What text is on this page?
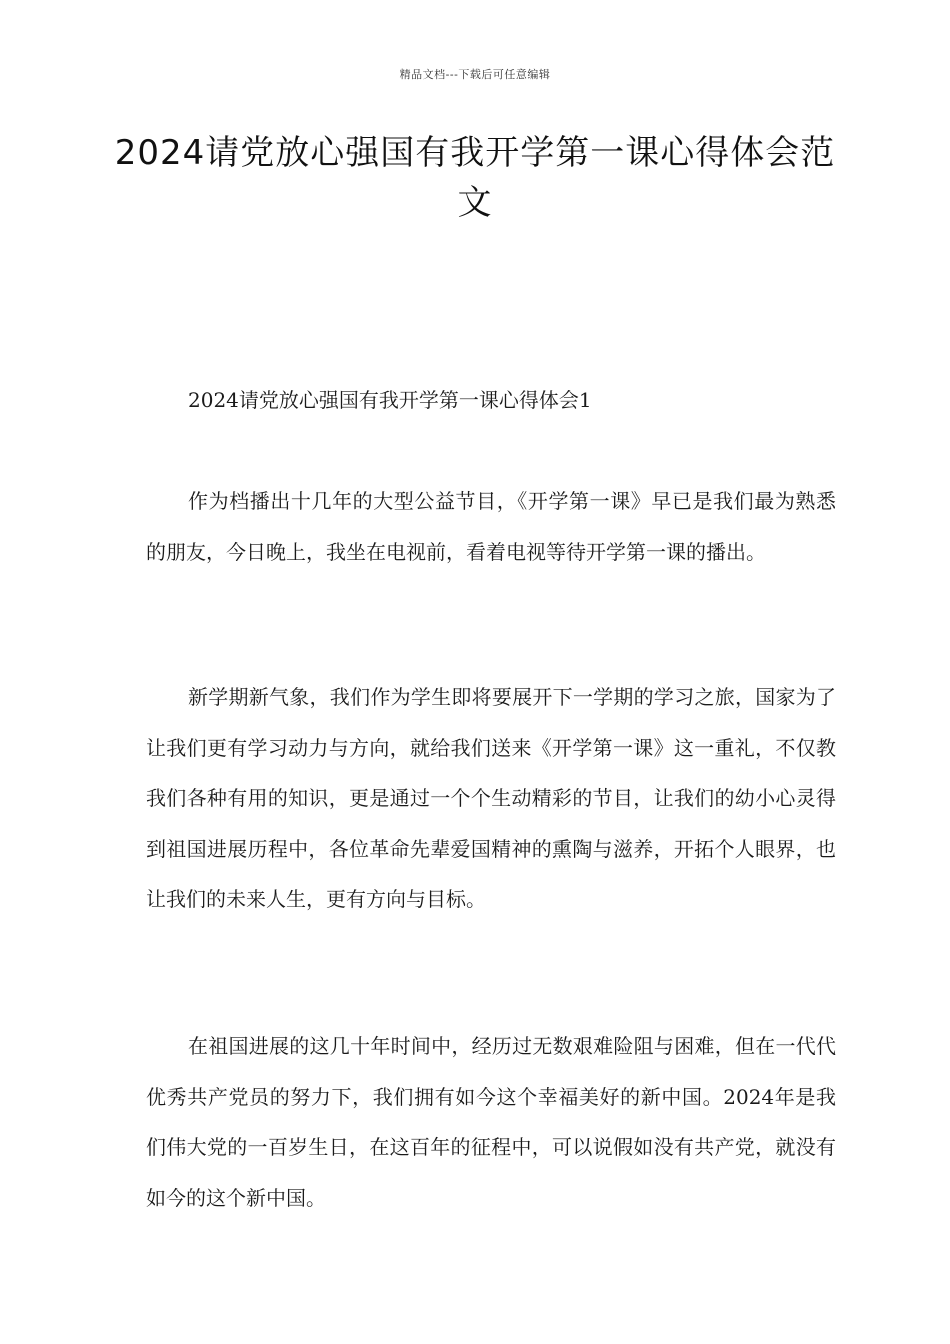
精品文档---下载后可任意编辑
2024请党放心强国有我开学第一课心得体会范文
2024请党放心强国有我开学第一课心得体会1

作为档播出十几年的大型公益节目，《开学第一课》早已是我们最为熟悉的朋友，今日晚上，我坐在电视前，看着电视等待开学第一课的播出。

新学期新气象，我们作为学生即将要展开下一学期的学习之旅，国家为了让我们更有学习动力与方向，就给我们送来《开学第一课》这一重礼，不仅教我们各种有用的知识，更是通过一个个生动精彩的节目，让我们的幼小心灵得到祖国进展历程中，各位革命先辈爱国精神的熏陶与滋养，开拓个人眼界，也让我们的未来人生，更有方向与目标。

在祖国进展的这几十年时间中，经历过无数艰难险阻与困难，但在一代代优秀共产党员的努力下，我们拥有如今这个幸福美好的新中国。2024年是我们伟大党的一百岁生日，在这百年的征程中，可以说假如没有共产党，就没有如今的这个新中国。
